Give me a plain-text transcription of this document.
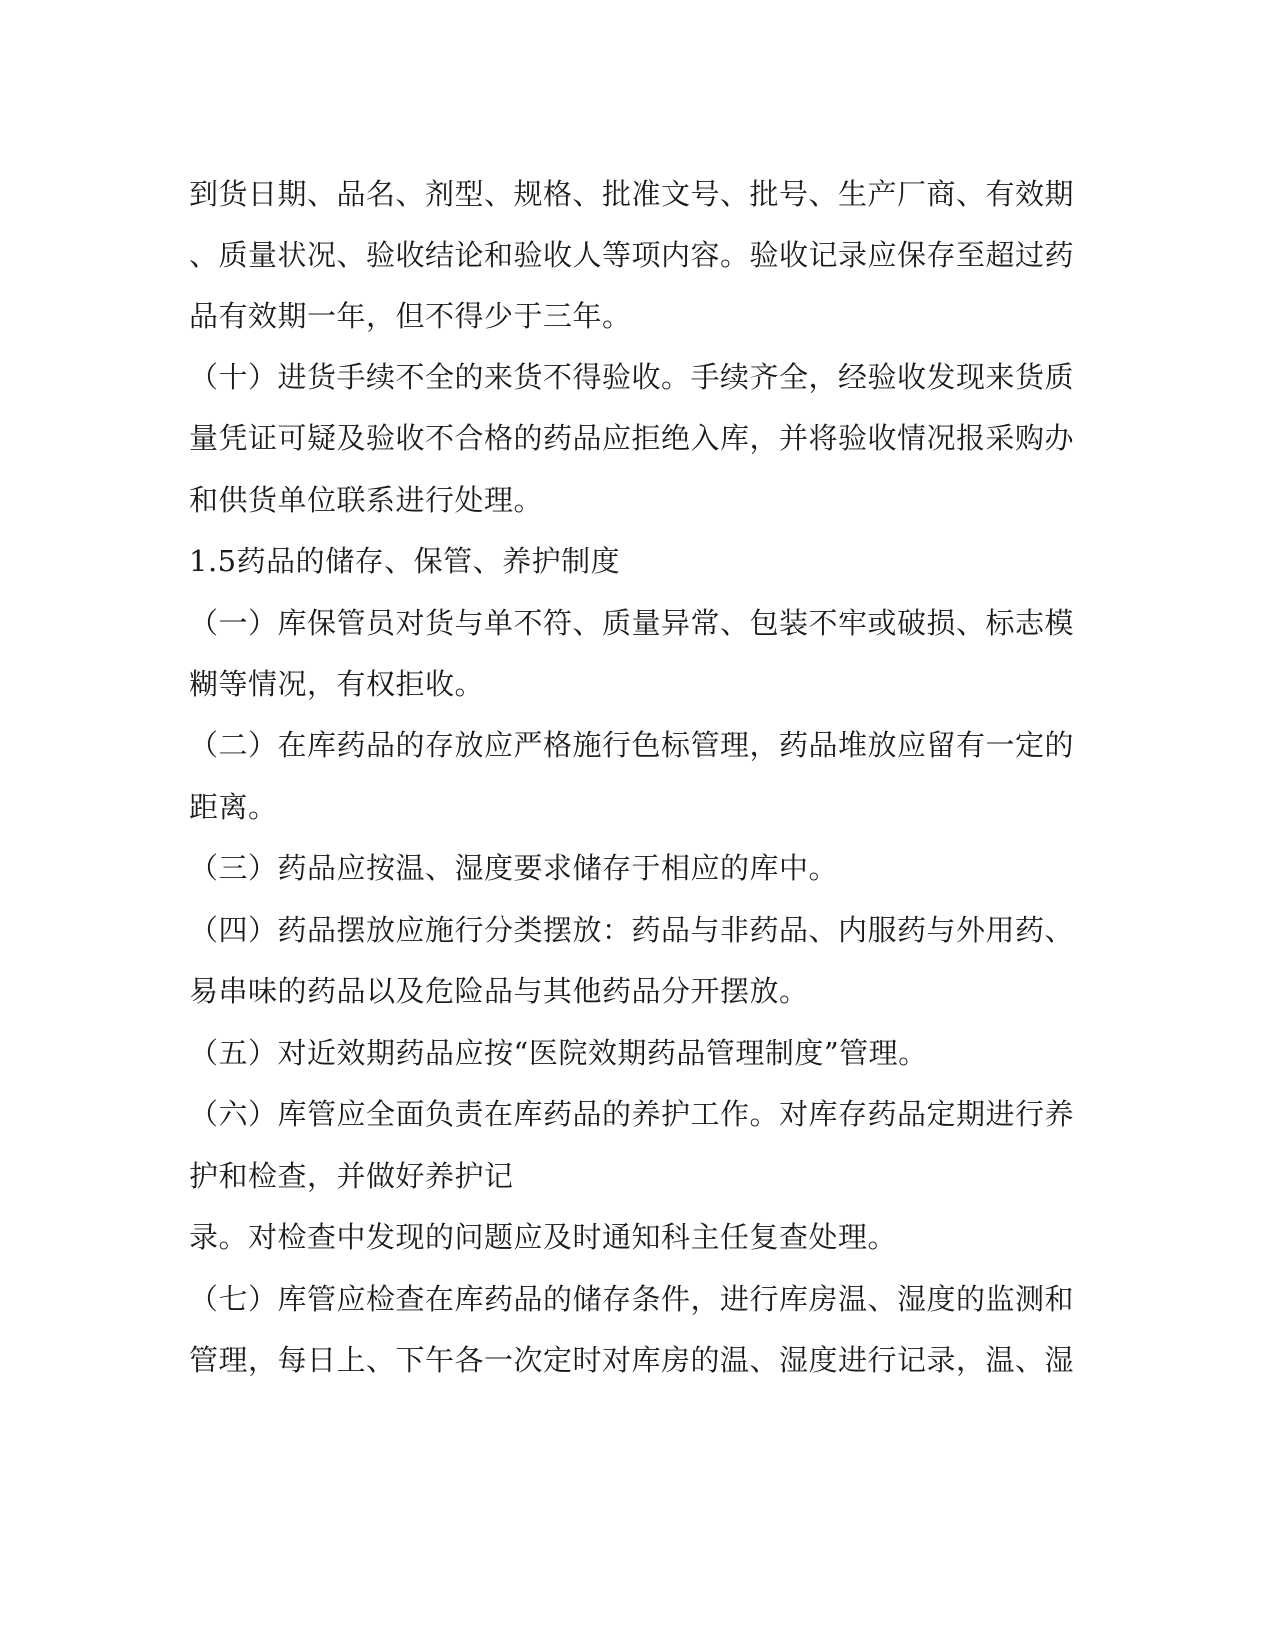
到货日期、品名、剂型、规格、批准文号、批号、生产厂商、有效期
、质量状况、验收结论和验收人等项内容。验收记录应保存至超过药
品有效期一年，但不得少于三年。
（十）进货手续不全的来货不得验收。手续齐全，经验收发现来货质
量凭证可疑及验收不合格的药品应拒绝入库，并将验收情况报采购办
和供货单位联系进行处理。
1.5药品的储存、保管、养护制度
（一）库保管员对货与单不符、质量异常、包装不牢或破损、标志模
糊等情况，有权拒收。
（二）在库药品的存放应严格施行色标管理，药品堆放应留有一定的
距离。
（三）药品应按温、湿度要求储存于相应的库中。
（四）药品摆放应施行分类摆放：药品与非药品、内服药与外用药、
易串味的药品以及危险品与其他药品分开摆放。
（五）对近效期药品应按“医院效期药品管理制度”管理。
（六）库管应全面负责在库药品的养护工作。对库存药品定期进行养
护和检查，并做好养护记
录。对检查中发现的问题应及时通知科主任复查处理。
（七）库管应检查在库药品的储存条件，进行库房温、湿度的监测和
管理，每日上、下午各一次定时对库房的温、湿度进行记录，温、湿
